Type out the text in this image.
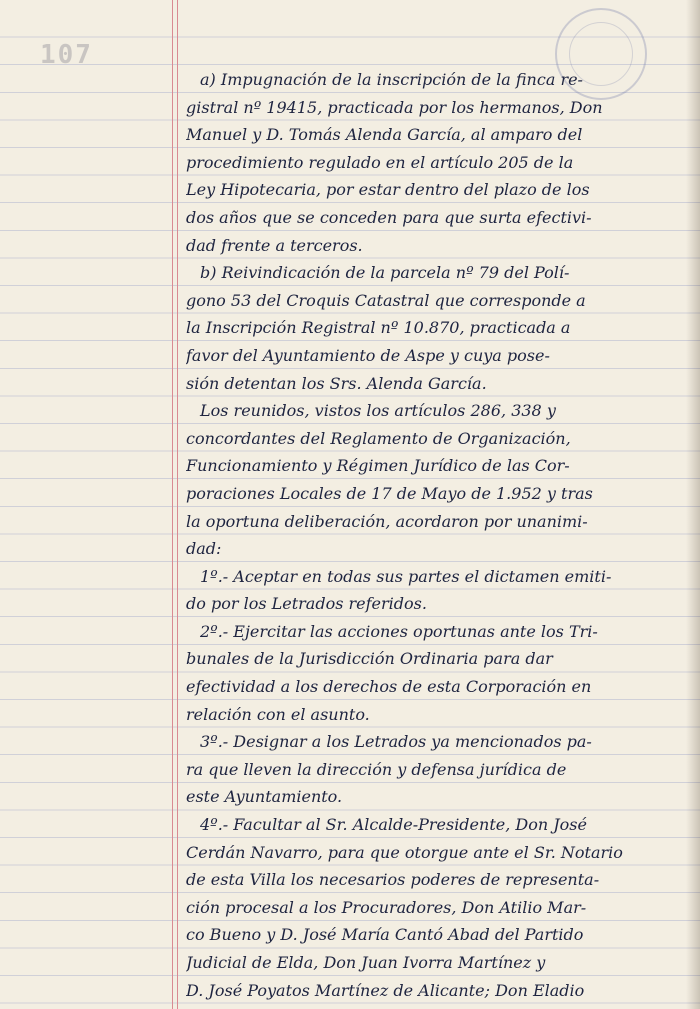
107
a) Impugnación de la inscripción de la finca re-
gistral nº 19415, practicada por los hermanos, Don
Manuel y D. Tomás Alenda García, al amparo del
procedimiento regulado en el artículo 205 de la
Ley Hipotecaria, por estar dentro del plazo de los
dos años que se conceden para que surta efectivi-
dad frente a terceros.
b) Reivindicación de la parcela nº 79 del Polí-
gono 53 del Croquis Catastral que corresponde a
la Inscripción Registral nº 10.870, practicada a
favor del Ayuntamiento de Aspe y cuya pose-
sión detentan los Srs. Alenda García.
Los reunidos, vistos los artículos 286, 338 y
concordantes del Reglamento de Organización,
Funcionamiento y Régimen Jurídico de las Cor-
poraciones Locales de 17 de Mayo de 1.952 y tras
la oportuna deliberación, acordaron por unanimi-
dad:
1º.- Aceptar en todas sus partes el dictamen emiti-
do por los Letrados referidos.
2º.- Ejercitar las acciones oportunas ante los Tri-
bunales de la Jurisdicción Ordinaria para dar
efectividad a los derechos de esta Corporación en
relación con el asunto.
3º.- Designar a los Letrados ya mencionados pa-
ra que lleven la dirección y defensa jurídica de
este Ayuntamiento.
4º.- Facultar al Sr. Alcalde-Presidente, Don José
Cerdán Navarro, para que otorgue ante el Sr. Notario
de esta Villa los necesarios poderes de representa-
ción procesal a los Procuradores, Don Atilio Mar-
co Bueno y D. José María Cantó Abad del Partido
Judicial de Elda, Don Juan Ivorra Martínez y
D. José Poyatos Martínez de Alicante; Don Eladio
